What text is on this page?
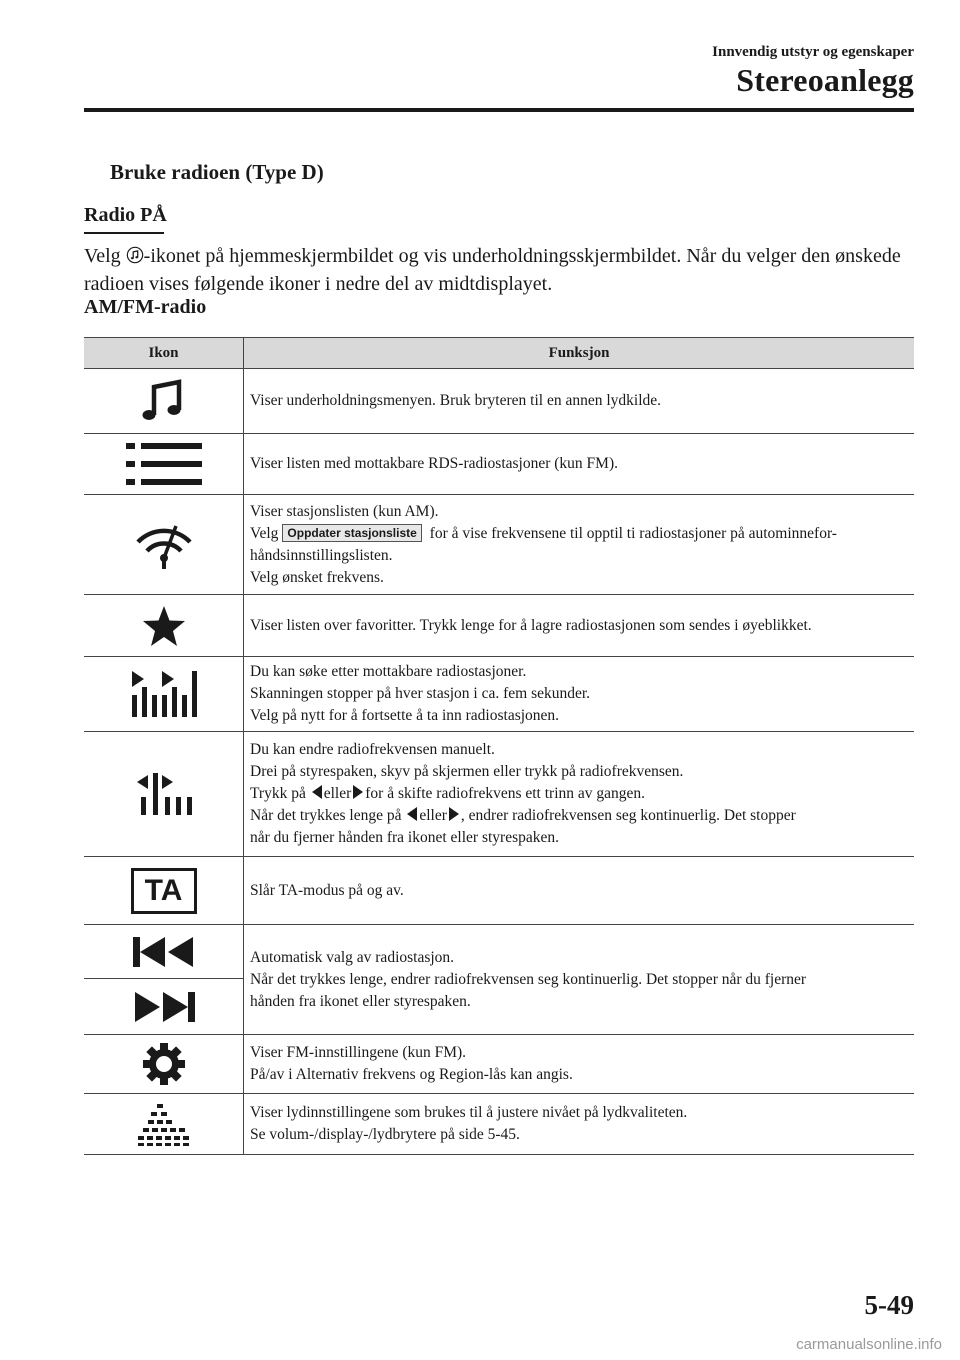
Innvendig utstyr og egenskaper
Stereoanlegg
Bruke radioen (Type D)
Radio PÅ
Velg -ikonet på hjemmeskjermbildet og vis underholdningsskjermbildet. Når du velger den ønskede radioen vises følgende ikoner i nedre del av midtdisplayet.
AM/FM-radio
Ikon	Funksjon

Viser underholdningsmenyen. Bruk bryteren til en annen lydkilde.

Viser listen med mottakbare RDS-radiostasjoner (kun FM).

Viser stasjonslisten (kun AM).
Velg Oppdater stasjonsliste for å vise frekvensene til opptil ti radiostasjoner på autominnefor-
håndsinnstillingslisten.
Velg ønsket frekvens.

Viser listen over favoritter. Trykk lenge for å lagre radiostasjonen som sendes i øyeblikket.

Du kan søke etter mottakbare radiostasjoner.
Skanningen stopper på hver stasjon i ca. fem sekunder.
Velg på nytt for å fortsette å ta inn radiostasjonen.

Du kan endre radiofrekvensen manuelt.
Drei på styrespaken, skyv på skjermen eller trykk på radiofrekvensen.
Trykk på eller for å skifte radiofrekvens ett trinn av gangen.
Når det trykkes lenge på eller , endrer radiofrekvensen seg kontinuerlig. Det stopper
når du fjerner hånden fra ikonet eller styrespaken.

TA	Slår TA-modus på og av.

Automatisk valg av radiostasjon.
Når det trykkes lenge, endrer radiofrekvensen seg kontinuerlig. Det stopper når du fjerner
hånden fra ikonet eller styrespaken.

Viser FM-innstillingene (kun FM).
På/av i Alternativ frekvens og Region-lås kan angis.

Viser lydinnstillingene som brukes til å justere nivået på lydkvaliteten.
Se volum-/display-/lydbrytere på side 5-45.
5-49
carmanualsonline.info
